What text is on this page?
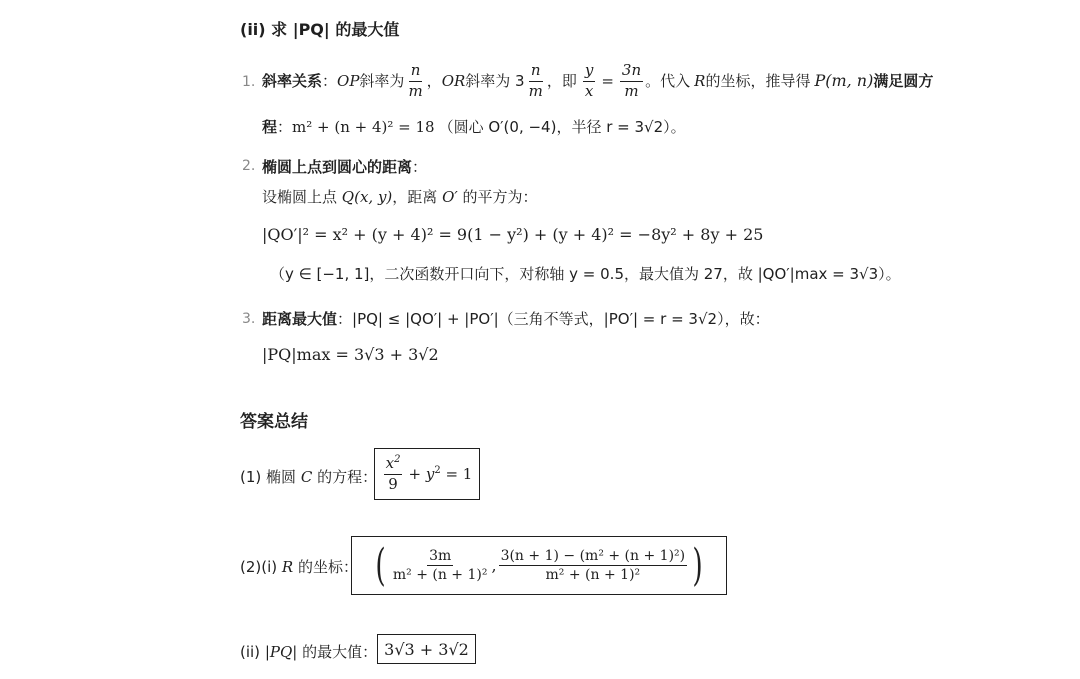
(ii) 求 |PQ| 的最大值
1. 斜率关系 ： OP 斜率为 $\frac{n}{m}$ ， OR 斜率为 $3 \frac{n}{m}$ ，即 $\frac{y}{x} = \frac{3n}{m}$ 。代入 R 的坐标，推导得 P(m, n) 满足圆方
程：m² + (n + 4)² = 18 （圆心 O′(0, −4)，半径 r = 3√2）。
2. 椭圆上点到圆心的距离：
设椭圆上点 Q(x, y)，距离 O′ 的平方为：
|QO′|² = x² + (y + 4)² = 9(1 − y²) + (y + 4)² = −8y² + 8y + 25
（y ∈ [−1, 1]，二次函数开口向下，对称轴 y = 0.5，最大值为 27，故 |QO′|max = 3√3）。
3. 距离最大值：|PQ| ≤ |QO′| + |PO′|（三角不等式，|PO′| = r = 3√2），故：
|PQ|max = 3√3 + 3√2
答案总结
(1) 椭圆 C 的方程： $\frac{x^2}{9} + y^2 = 1$
(2)(i) R 的坐标： ( $\frac{3m}{\text{m² + (n + 1)²}}$ , $\frac{\text{3(n + 1) − (m² + (n + 1)²)}}{\text{m² + (n + 1)²}}$ )
(ii) |PQ| 的最大值： 3√3 + 3√2
